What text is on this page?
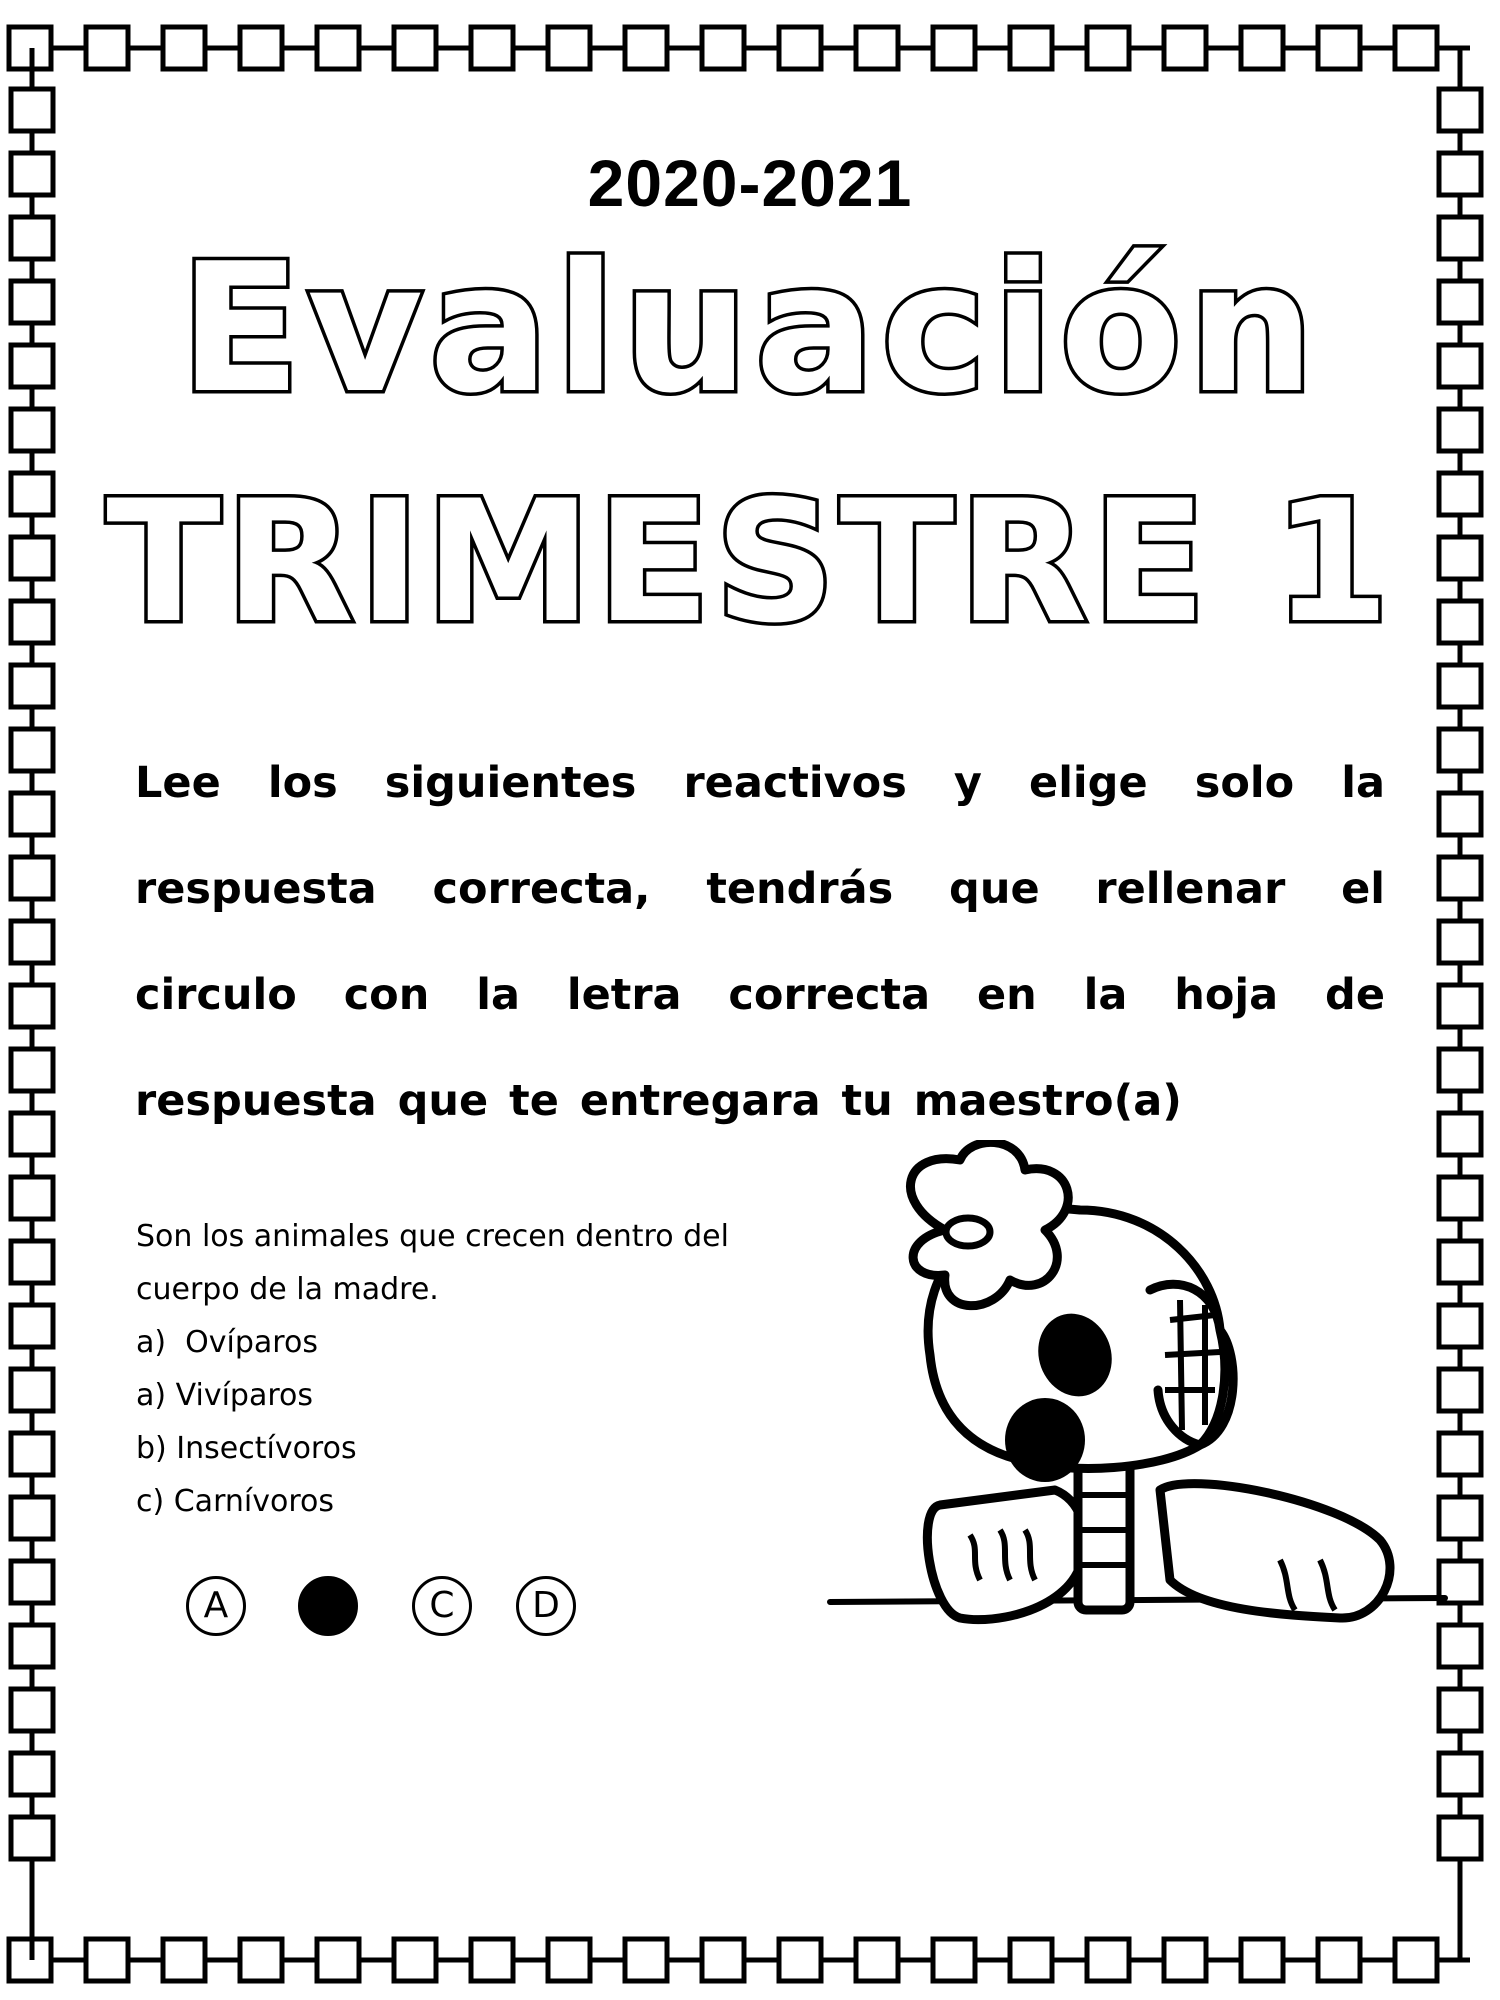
2020-2021
Evaluación
TRIMESTRE 1
Lee los siguientes reactivos y elige solo la respuesta correcta, tendrás que rellenar el circulo con la letra correcta en la hoja de respuesta que te entregara tu maestro(a)

Son los animales que crecen dentro del cuerpo de la madre.

a)  Ovíparos
a) Vivíparos
b) Insectívoros
c) Carnívoros
A B C D
